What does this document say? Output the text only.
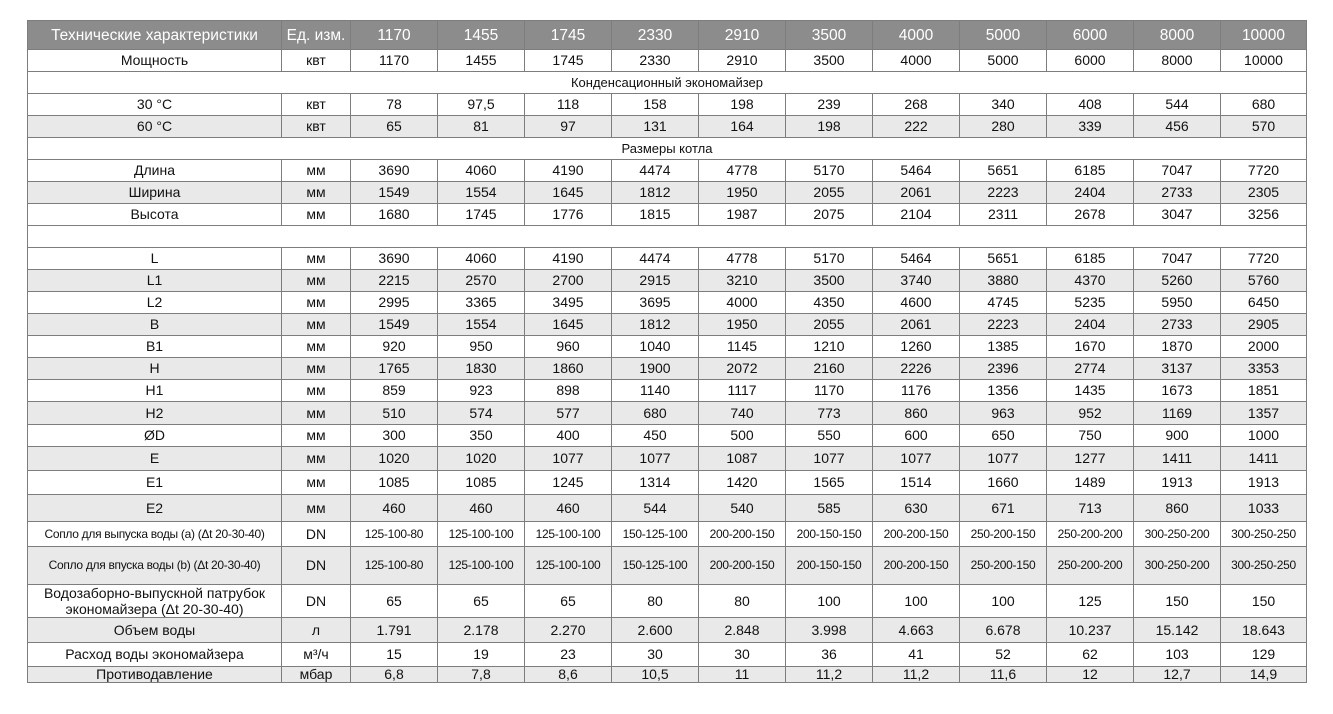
Технические характеристики	Ед. изм.	1170	1455	1745	2330	2910	3500	4000	5000	6000	8000	10000
Мощность	квт	1170	1455	1745	2330	2910	3500	4000	5000	6000	8000	10000
Конденсационный экономайзер												
30 °С	квт	78	97,5	118	158	198	239	268	340	408	544	680
60 °С	квт	65	81	97	131	164	198	222	280	339	456	570
Размеры котла												
Длина	мм	3690	4060	4190	4474	4778	5170	5464	5651	6185	7047	7720
Ширина	мм	1549	1554	1645	1812	1950	2055	2061	2223	2404	2733	2305
Высота	мм	1680	1745	1776	1815	1987	2075	2104	2311	2678	3047	3256

L	мм	3690	4060	4190	4474	4778	5170	5464	5651	6185	7047	7720
L1	мм	2215	2570	2700	2915	3210	3500	3740	3880	4370	5260	5760
L2	мм	2995	3365	3495	3695	4000	4350	4600	4745	5235	5950	6450
B	мм	1549	1554	1645	1812	1950	2055	2061	2223	2404	2733	2905
B1	мм	920	950	960	1040	1145	1210	1260	1385	1670	1870	2000
H	мм	1765	1830	1860	1900	2072	2160	2226	2396	2774	3137	3353
H1	мм	859	923	898	1140	1117	1170	1176	1356	1435	1673	1851
H2	мм	510	574	577	680	740	773	860	963	952	1169	1357
ØD	мм	300	350	400	450	500	550	600	650	750	900	1000
E	мм	1020	1020	1077	1077	1087	1077	1077	1077	1277	1411	1411
E1	мм	1085	1085	1245	1314	1420	1565	1514	1660	1489	1913	1913
E2	мм	460	460	460	544	540	585	630	671	713	860	1033
Сопло для выпуска воды (a) (Δt 20-30-40)	DN	125-100-80	125-100-100	125-100-100	150-125-100	200-200-150	200-150-150	200-200-150	250-200-150	250-200-200	300-250-200	300-250-250
Сопло для впуска воды (b) (Δt 20-30-40)	DN	125-100-80	125-100-100	125-100-100	150-125-100	200-200-150	200-150-150	200-200-150	250-200-150	250-200-200	300-250-200	300-250-250
Водозаборно-выпускной патрубок экономайзера (Δt 20-30-40)	DN	65	65	65	80	80	100	100	100	125	150	150
Объем воды	л	1.791	2.178	2.270	2.600	2.848	3.998	4.663	6.678	10.237	15.142	18.643
Расход воды экономайзера	м³/ч	15	19	23	30	30	36	41	52	62	103	129
Противодавление	мбар	6,8	7,8	8,6	10,5	11	11,2	11,2	11,6	12	12,7	14,9
